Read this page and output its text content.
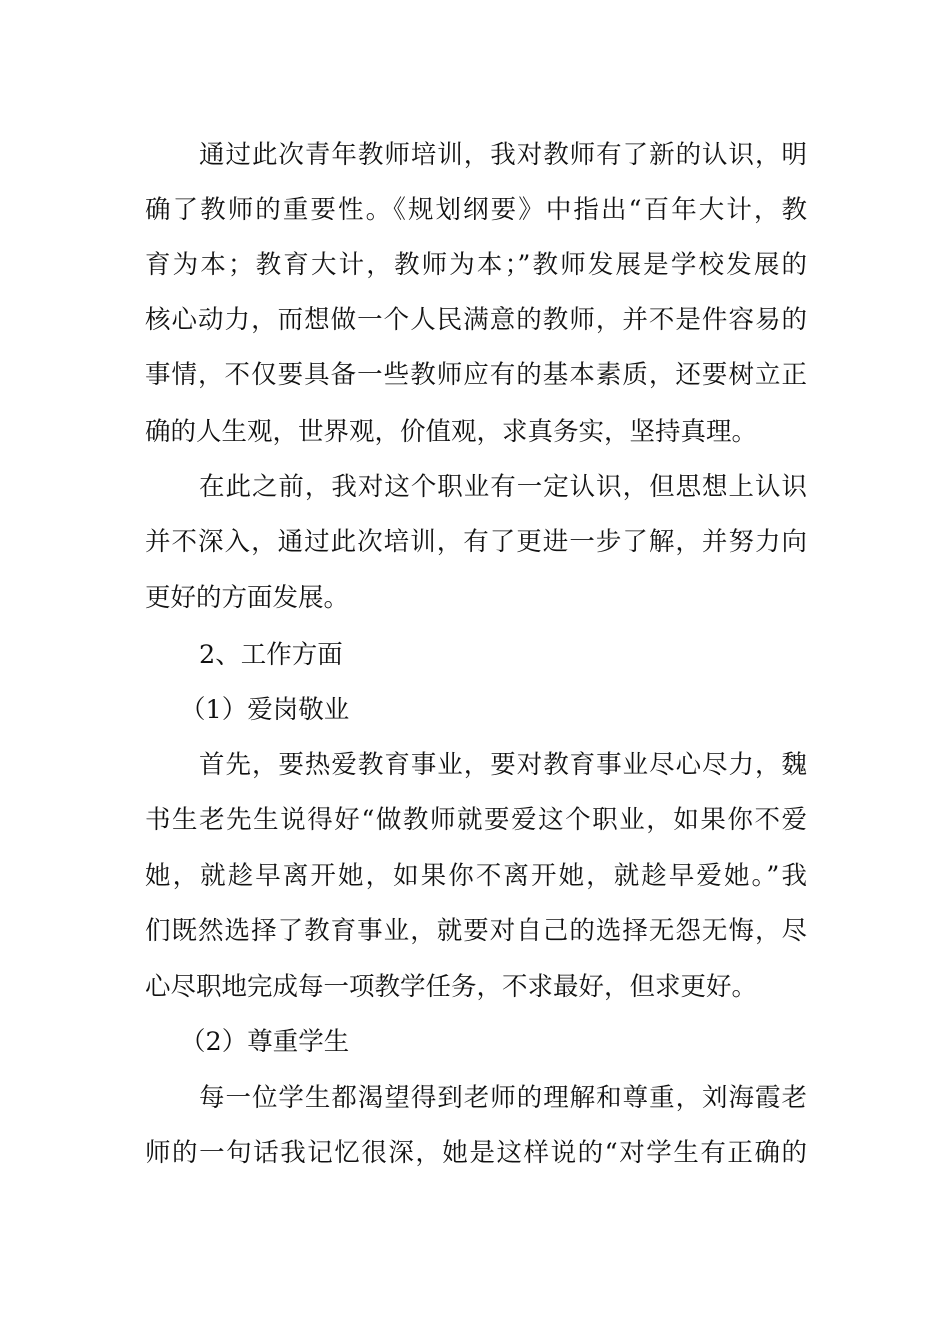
通过此次青年教师培训，我对教师有了新的认识，明
确了教师的重要性。《规划纲要》中指出“百年大计，教
育为本；教育大计，教师为本；”教师发展是学校发展的
核心动力，而想做一个人民满意的教师，并不是件容易的
事情，不仅要具备一些教师应有的基本素质，还要树立正
确的人生观，世界观，价值观，求真务实，坚持真理。
在此之前，我对这个职业有一定认识，但思想上认识
并不深入，通过此次培训，有了更进一步了解，并努力向
更好的方面发展。
2、工作方面
（1）爱岗敬业
首先，要热爱教育事业，要对教育事业尽心尽力，魏
书生老先生说得好“做教师就要爱这个职业，如果你不爱
她，就趁早离开她，如果你不离开她，就趁早爱她。”我
们既然选择了教育事业，就要对自己的选择无怨无悔，尽
心尽职地完成每一项教学任务，不求最好，但求更好。
（2）尊重学生
每一位学生都渴望得到老师的理解和尊重，刘海霞老
师的一句话我记忆很深，她是这样说的“对学生有正确的
